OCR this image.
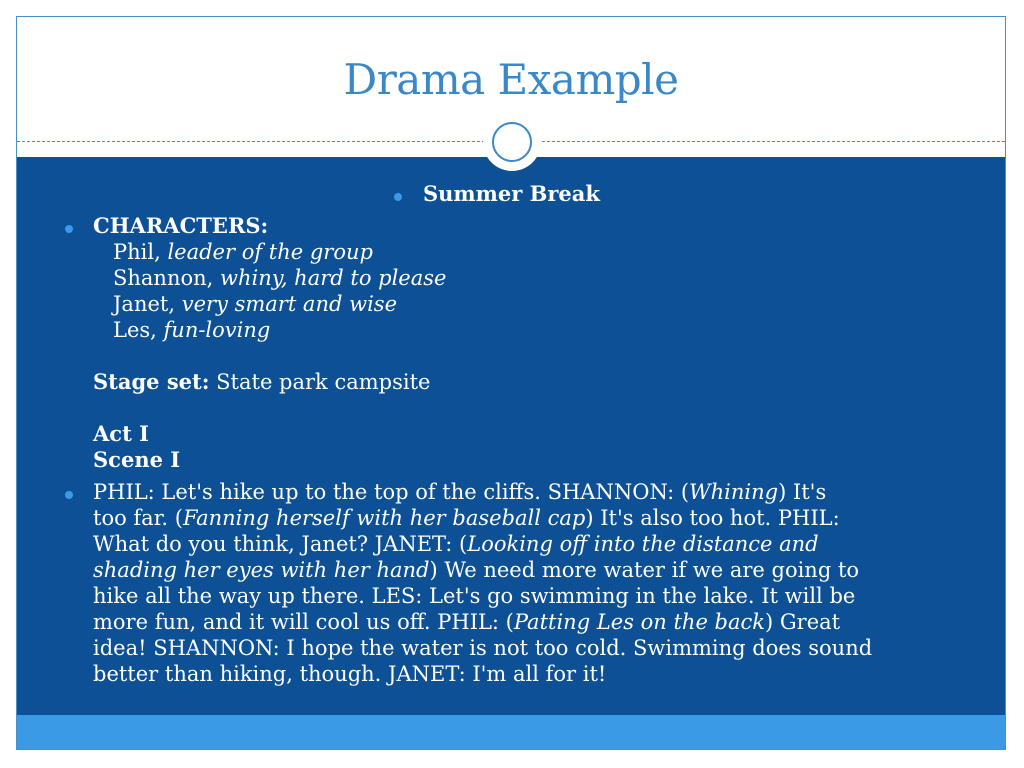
Drama Example
Summer Break
CHARACTERS:
Phil, leader of the group
Shannon, whiny, hard to please
Janet, very smart and wise
Les, fun-loving
Stage set: State park campsite
Act I
Scene I
PHIL: Let's hike up to the top of the cliffs. SHANNON: (Whining) It's
too far. (Fanning herself with her baseball cap) It's also too hot. PHIL:
What do you think, Janet? JANET: (Looking off into the distance and
shading her eyes with her hand) We need more water if we are going to
hike all the way up there. LES: Let's go swimming in the lake. It will be
more fun, and it will cool us off. PHIL: (Patting Les on the back) Great
idea! SHANNON: I hope the water is not too cold. Swimming does sound
better than hiking, though. JANET: I'm all for it!
